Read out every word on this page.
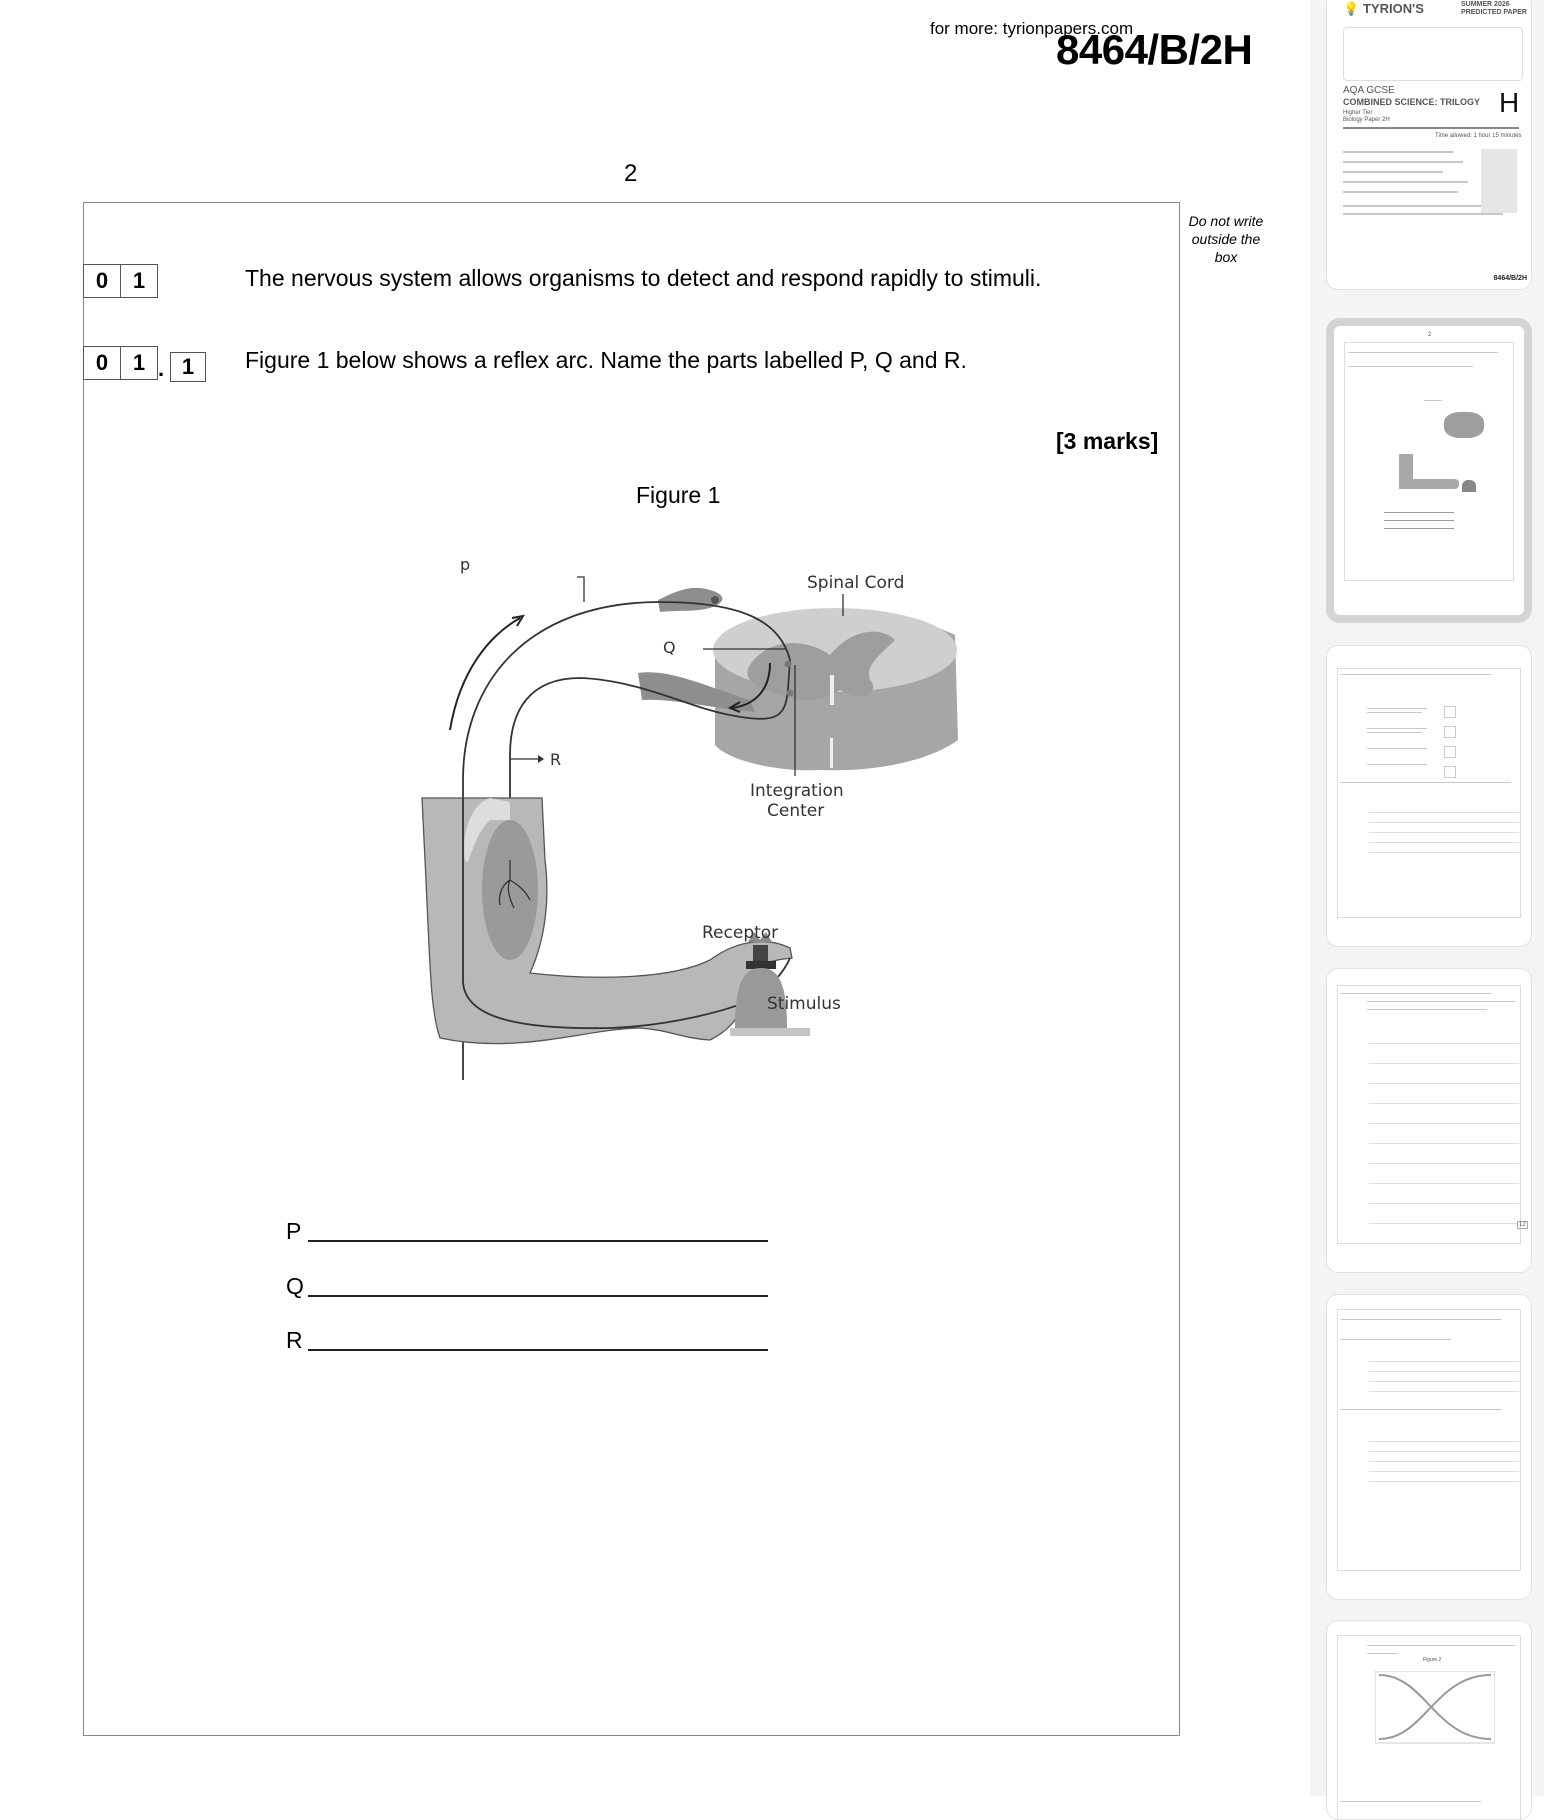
for more: tyrionpapers.com
8464/B/2H
2
Do not write outside the box
0	1	The nervous system allows organisms to detect and respond rapidly to stimuli.
0	1 . 1	Figure 1 below shows a reflex arc. Name the parts labelled P, Q and R.
[3 marks]
Figure 1
p
Q
R
Spinal Cord
Integration
Center
Receptor
Stimulus
P
Q
R
TYRION'S
💡	SUMMER 2026
PREDICTED PAPER
AQA GCSE
COMBINED SCIENCE: TRILOGY
Higher Tier
Biology Paper 2H
H
Time allowed: 1 hour 15 minutes
8464/B/2H
2
12
Figure 2
